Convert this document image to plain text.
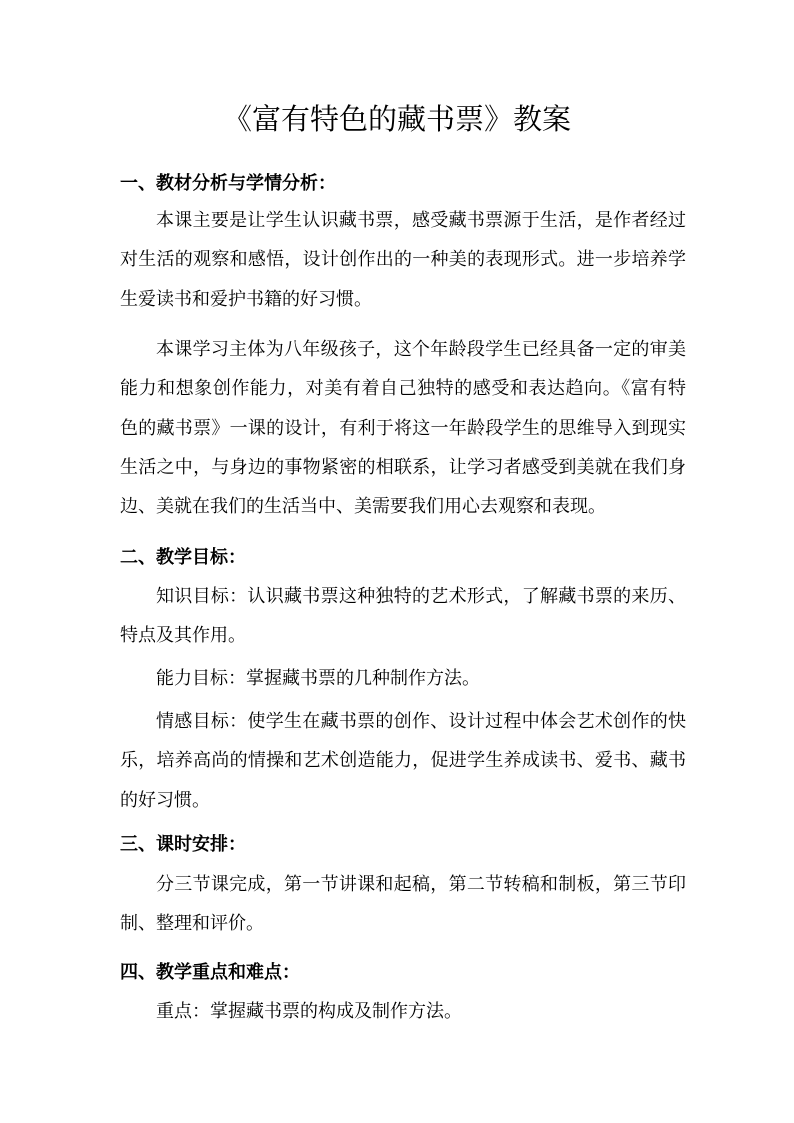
《富有特色的藏书票》教案
一、教材分析与学情分析：
本课主要是让学生认识藏书票，感受藏书票源于生活，是作者经过对生活的观察和感悟，设计创作出的一种美的表现形式。进一步培养学生爱读书和爱护书籍的好习惯。
本课学习主体为八年级孩子，这个年龄段学生已经具备一定的审美能力和想象创作能力，对美有着自己独特的感受和表达趋向。《富有特色的藏书票》一课的设计，有利于将这一年龄段学生的思维导入到现实生活之中，与身边的事物紧密的相联系，让学习者感受到美就在我们身边、美就在我们的生活当中、美需要我们用心去观察和表现。
二、教学目标：
知识目标：认识藏书票这种独特的艺术形式，了解藏书票的来历、特点及其作用。
能力目标：掌握藏书票的几种制作方法。
情感目标：使学生在藏书票的创作、设计过程中体会艺术创作的快乐，培养高尚的情操和艺术创造能力，促进学生养成读书、爱书、藏书的好习惯。
三、课时安排：
分三节课完成，第一节讲课和起稿，第二节转稿和制板，第三节印制、整理和评价。
四、教学重点和难点：
重点：掌握藏书票的构成及制作方法。
